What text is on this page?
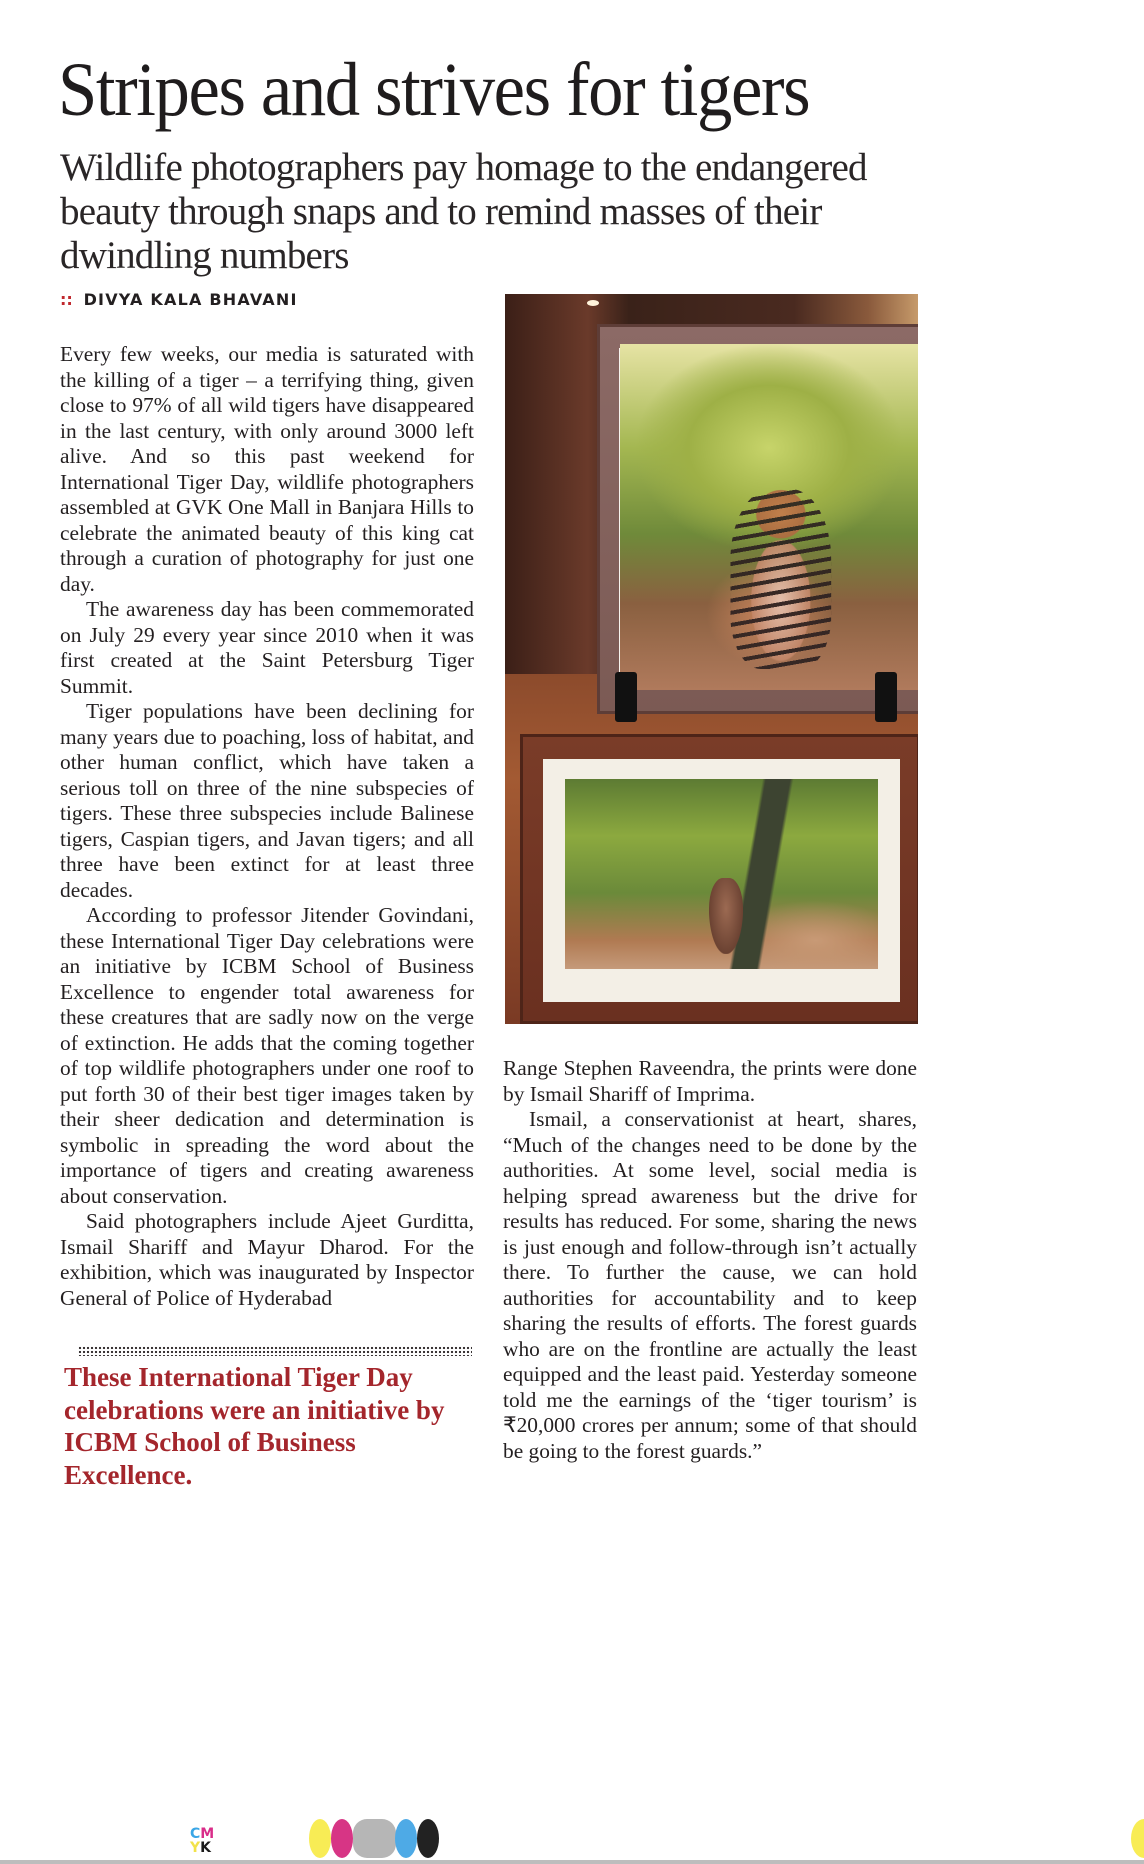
Stripes and strives for tigers
Wildlife photographers pay homage to the endangered beauty through snaps and to remind masses of their dwindling numbers
:: DIVYA KALA BHAVANI

Every few weeks, our media is saturated with the killing of a tiger – a terrifying thing, given close to 97% of all wild tigers have disappeared in the last century, with only around 3000 left alive. And so this past weekend for International Tiger Day, wildlife photographers assembled at GVK One Mall in Banjara Hills to celebrate the animated beauty of this king cat through a curation of photography for just one day.

The awareness day has been commemorated on July 29 every year since 2010 when it was first created at the Saint Petersburg Tiger Summit.

Tiger populations have been declining for many years due to poaching, loss of habitat, and other human conflict, which have taken a serious toll on three of the nine subspecies of tigers. These three subspecies include Balinese tigers, Caspian tigers, and Javan tigers; and all three have been extinct for at least three decades.

According to professor Jitender Govindani, these International Tiger Day celebrations were an initiative by ICBM School of Business Excellence to engender total awareness for these creatures that are sadly now on the verge of extinction. He adds that the coming together of top wildlife photographers under one roof to put forth 30 of their best tiger images taken by their sheer dedication and determination is symbolic in spreading the word about the importance of tigers and creating awareness about conservation.

Said photographers include Ajeet Gurditta, Ismail Shariff and Mayur Dharod. For the exhibition, which was inaugurated by Inspector General of Police of Hyderabad

These International Tiger Day celebrations were an initiative by ICBM School of Business Excellence.

Range Stephen Raveendra, the prints were done by Ismail Shariff of Imprima.

Ismail, a conservationist at heart, shares, “Much of the changes need to be done by the authorities. At some level, social media is helping spread awareness but the drive for results has reduced. For some, sharing the news is just enough and follow-through isn’t actually there. To further the cause, we can hold authorities for accountability and to keep sharing the results of efforts. The forest guards who are on the frontline are actually the least equipped and the least paid. Yesterday someone told me the earnings of the ‘tiger tourism’ is ₹20,000 crores per annum; some of that should be going to the forest guards.”

CM
YK
